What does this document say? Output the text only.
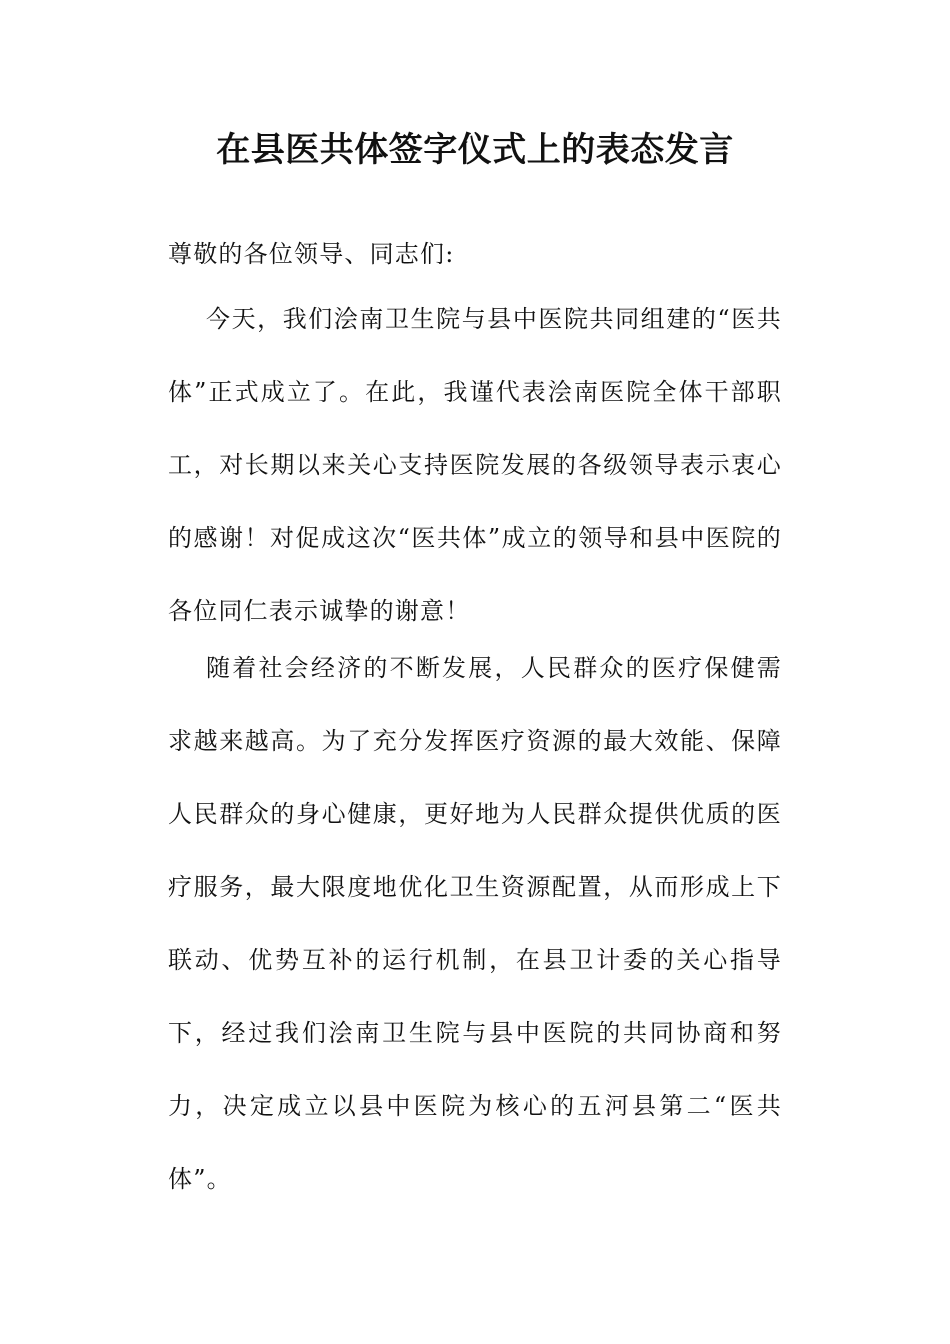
在县医共体签字仪式上的表态发言

尊敬的各位领导、同志们:

今天，我们浍南卫生院与县中医院共同组建的“医共体”正式成立了。在此，我谨代表浍南医院全体干部职工，对长期以来关心支持医院发展的各级领导表示衷心的感谢！对促成这次“医共体”成立的领导和县中医院的各位同仁表示诚挚的谢意！

随着社会经济的不断发展，人民群众的医疗保健需求越来越高。为了充分发挥医疗资源的最大效能、保障人民群众的身心健康，更好地为人民群众提供优质的医疗服务，最大限度地优化卫生资源配置，从而形成上下联动、优势互补的运行机制，在县卫计委的关心指导下，经过我们浍南卫生院与县中医院的共同协商和努力，决定成立以县中医院为核心的五河县第二“医共体”。
